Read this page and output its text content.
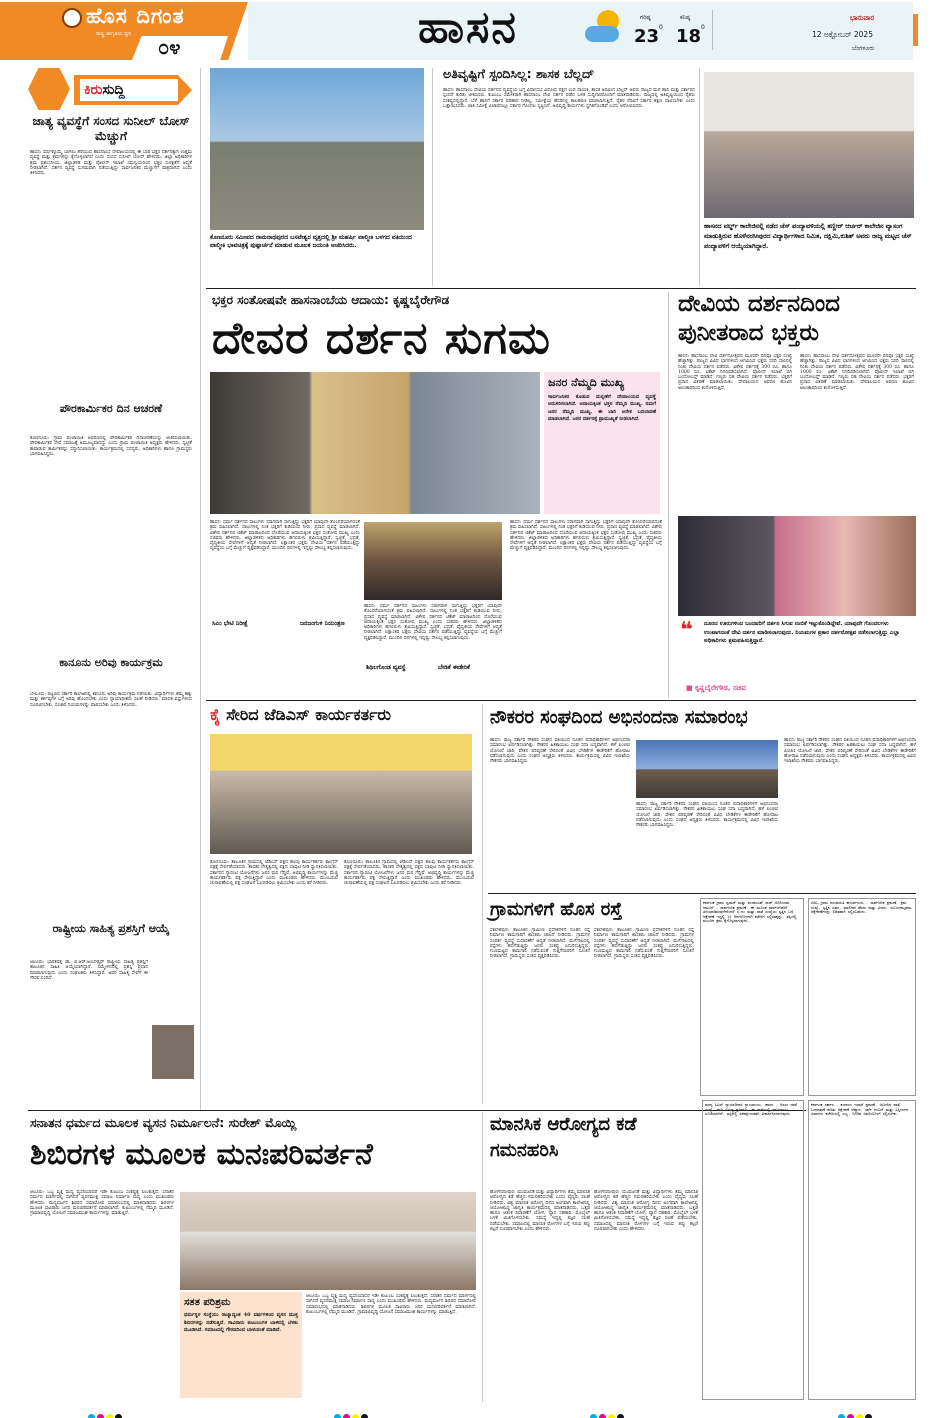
ಹೊಸ ದಿಗಂತ
ರಾಷ್ಟ್ರ ಜಾಗೃತಿಯ ಧ್ವನಿ
೦೪	ಹಾಸನ	ಗರಿಷ್ಠ
23 0
ಕನಿಷ್ಠ
18 0
ಭಾನುವಾರ
12 ಅಕ್ಟೋಬರ್ 2025
ಬೆಂಗಳೂರು
ಕಿರುಸುದ್ದಿ
ಜಾತ್ಯ ವ್ಯವಸ್ಥೆಗೆ ಸಂಸದ ಸುನೀಲ್ ಬೋಸ್ ಮೆಚ್ಚುಗೆ
ಹಾಸನ: ವರ್ಷಕ್ಕೊಮ್ಮೆ ಬಾಗಿಲು ತೆರೆಯುವ ಹಾಸನಾಂಬೆ ದೇವಾಲಯದಲ್ಲಿ ಈ ಬಾರಿ ಭಕ್ತರ ದರ್ಶನಕ್ಕಾಗಿ ಉತ್ತಮ ವ್ಯವಸ್ಥೆ ಮತ್ತು ಕ್ರಮಗಳನ್ನು ಕೈಗೊಳ್ಳಲಾಗಿದೆ ಎಂದು ಸಂಸದ ಸುನೀಲ್ ಬೋಸ್ ಹೇಳಿದರು. ಜಿಲ್ಲಾ ಅಧಿಕಾರಿಗಳ ಶ್ರಮ ಪ್ರಶಂಸನೀಯ. ಜಿಲ್ಲಾಡಳಿತ ಮತ್ತು ಪೊಲೀಸ್ ಇಲಾಖೆ ಸಮನ್ವಯದಿಂದ ಭಕ್ತರ ಸುರಕ್ಷತೆಗೆ ಆದ್ಯತೆ ನೀಡಲಾಗಿದೆ. ದರ್ಶನ ವ್ಯವಸ್ಥೆ ಸುಗಮವಾಗಿ ನಡೆಯುತ್ತಿದ್ದು ಸಾರ್ವಜನಿಕರ ಮೆಚ್ಚುಗೆಗೆ ಪಾತ್ರವಾಗಿದೆ ಎಂದು ತಿಳಿಸಿದರು.
ಪೌರಕಾರ್ಮಿಕರ ದಿನ ಆಚರಣೆ
ಕೊಣನೂರು: ಗ್ರಾಮ ಪಂಚಾಯಿತಿ ಆವರಣದಲ್ಲಿ ಪೌರಕಾರ್ಮಿಕರ ದಿನಾಚರಣೆಯನ್ನು ಆಚರಿಸಲಾಯಿತು. ಪೌರಕಾರ್ಮಿಕರ ಸೇವೆ ಸಮಾಜಕ್ಕೆ ಅಮೂಲ್ಯವಾದದ್ದು ಎಂದು ಗ್ರಾಮ ಪಂಚಾಯಿತಿ ಅಧ್ಯಕ್ಷರು ಹೇಳಿದರು. ಸ್ವಚ್ಛತೆ ಕಾಪಾಡುವ ಕಾರ್ಮಿಕರನ್ನು ಸನ್ಮಾನಿಸಲಾಯಿತು. ಕಾರ್ಯಕ್ರಮದಲ್ಲಿ ಸದಸ್ಯರು, ಅಧಿಕಾರಿಗಳು ಹಾಗೂ ಗ್ರಾಮಸ್ಥರು ಭಾಗವಹಿಸಿದ್ದರು.
ಕಾನೂನು ಅರಿವು ಕಾರ್ಯಕ್ರಮ
ಬೇಲೂರು: ಪಟ್ಟಣದ ಸರ್ಕಾರಿ ಕಾಲೇಜಿನಲ್ಲಿ ಕಾನೂನು ಅರಿವು ಕಾರ್ಯಕ್ರಮ ನಡೆಯಿತು. ವಿದ್ಯಾರ್ಥಿಗಳು ತಮ್ಮ ಹಕ್ಕು ಮತ್ತು ಕರ್ತವ್ಯಗಳ ಬಗ್ಗೆ ಅರಿವು ಹೊಂದಬೇಕು ಎಂದು ನ್ಯಾಯಾಧೀಶರು ಸಲಹೆ ನೀಡಿದರು. ಮಾದಕ ವಸ್ತುಗಳಿಂದ ದೂರವಿರಬೇಕು, ಸಂಚಾರ ನಿಯಮಗಳನ್ನು ಪಾಲಿಸಬೇಕು ಎಂದು ತಿಳಿಸಿದರು.
ರಾಷ್ಟ್ರೀಯ ಸಾಹಿತ್ಯ ಪ್ರಶಸ್ತಿಗೆ ಆಯ್ಕೆ
ಆಲೂರು: ಭಾರತರತ್ನ ಡಾ. ಬಿ.ಆರ್.ಅಂಬೇಡ್ಕರ್ ರಾಷ್ಟ್ರೀಯ ಸಾಹಿತ್ಯ ಪ್ರಶಸ್ತಿಗೆ ತಾಲೂಕಿನ ಸಾಹಿತಿ ಆಯ್ಕೆಯಾಗಿದ್ದಾರೆ. ಸಮ್ಮೇಳನದಲ್ಲಿ ಪ್ರಶಸ್ತಿ ಪ್ರದಾನ ಮಾಡಲಾಗುವುದು ಎಂದು ಸಂಘಟಕರು ತಿಳಿಸಿದ್ದಾರೆ. ಅವರ ಸಾಹಿತ್ಯ ಸೇವೆಗೆ ಈ ಗೌರವ ಸಂದಿದೆ.
ಕೊಣನೂರು ಸಮೀಪದ ರಾಮನಾಥಪುರದ ಬಸವೇಶ್ವರ ವೃತ್ತದಲ್ಲಿ ಶ್ರೀ ಮಹರ್ಷಿ ವಾಲ್ಮೀಕಿ ಬಳಗದ ವತಿಯಿಂದ ವಾಲ್ಮೀಕಿ ಭಾವಚಿತ್ರಕ್ಕೆ ಪುಷ್ಪಾರ್ಚನೆ ಮಾಡುವ ಮೂಲಕ ಜಯಂತಿ ಆಚರಿಸಿದರು.
ಅತಿವೃಷ್ಟಿಗೆ ಸ್ಪಂದಿಸಿಲ್ಲ: ಶಾಸಕ ಬೆಲ್ಲದ್
ಹಾಸನ: ಹಾಸನಾಂಬ ದೇವಿಯ ದರ್ಶನದ ವ್ಯವಸ್ಥೆಯ ಬಗ್ಗೆ ವಿಧಾನಸಭೆ ವಿರೋಧ ಪಕ್ಷದ ಉಪ ನಾಯಕ, ಶಾಸಕ ಅರವಿಂದ ಬೆಲ್ಲದ್ ಅವರು ರಾಜ್ಯದ ಮಳೆ ಹಾನಿ ಮತ್ತು ಸರ್ಕಾರದ ಸ್ಪಂದನೆ ಕುರಿತು ಟೀಕಿಸಿದರು. ಕುಟುಂಬ ಸಮೇತರಾಗಿ ಹಾಸನಾಂಬ ದೇವಿ ದರ್ಶನ ಪಡೆದ ಬಳಿಕ ಸುದ್ದಿಗಾರರೊಂದಿಗೆ ಮಾತನಾಡಿದರು. ರಾಜ್ಯದಲ್ಲಿ ಅತಿವೃಷ್ಟಿಯಿಂದ ರೈತರು ಸಂಕಷ್ಟದಲ್ಲಿದ್ದಾರೆ. ಬೆಳೆ ಹಾನಿಗೆ ಸರ್ಕಾರ ಪರಿಹಾರ ನೀಡಿಲ್ಲ. ಸಮೀಕ್ಷೆಯ ಹೆಸರಿನಲ್ಲಿ ಕಾಲಹರಣ ಮಾಡಲಾಗುತ್ತಿದೆ. ರೈತರ ನೆರವಿಗೆ ಸರ್ಕಾರ ತಕ್ಷಣ ಧಾವಿಸಬೇಕು ಎಂದು ಒತ್ತಾಯಿಸಿದರು. ಜಾತಿ ಸಮೀಕ್ಷೆ ವಿಚಾರದಲ್ಲೂ ಸರ್ಕಾರ ಗೊಂದಲ ಸೃಷ್ಟಿಸಿದೆ. ಅಭಿವೃದ್ಧಿ ಕಾರ್ಯಗಳು ಸ್ಥಗಿತಗೊಂಡಿವೆ ಎಂದು ಆರೋಪಿಸಿದರು.
ಹಾಸನದ ವರ್ಲ್ಡ್ ಕಾಲೇಜಿನಲ್ಲಿ ನಡೆದ ಚೆಸ್ ಪಂದ್ಯಾವಳಿಯಲ್ಲಿ ತಣ್ಣೀರ್ ಆರ್ಚರ್ ಕಾಲೇಜಿನ ವ್ಯಾಸಂಗ ಮಾಡುತ್ತಿರುವ ಹೊಳೆನರಸೀಪುರದ ವಿದ್ಯಾರ್ಥಿಗಳಾದ ನಿಮಿತ, ದಕ್ಷಿಮಿ,ಕುಶಿತ್ ಅವರು ರಾಜ್ಯ ಮಟ್ಟದ ಚೆಸ್ ಪಂದ್ಯಾವಳಿಗೆ ಆಯ್ಕೆಯಾಗಿದ್ದಾರೆ.
ಭಕ್ತರ ಸಂತೋಷವೇ ಹಾಸನಾಂಬೆಯ ಆದಾಯ: ಕೃಷ್ಣಬೈರೇಗೌಡ
ದೇವರ ದರ್ಶನ ಸುಗಮ
ಜನರ ನೆಮ್ಮದಿ ಮುಖ್ಯ
ಸಾರ್ವಜನಿಕರ ಕೊಡುವ ಮನ್ನಣೆಗೆ ದೇವಾಲಯದ ವ್ಯವಸ್ಥೆ ಅನುಸರಿಸಲಾಗಿದೆ. ಆದಾಯಕ್ಕಿಂತ ಭಕ್ತರ ನೆಮ್ಮದಿ ಮುಖ್ಯ. ನಮಗೆ ಜನರ ನೆಮ್ಮದಿ ಮುಖ್ಯ. ಈ ಬಾರಿ ಅನೇಕ ಬದಲಾವಣೆ ಮಾಡಲಾಗಿದೆ. ಜನರ ದರ್ಶನಕ್ಕೆ ಪ್ರಾಮುಖ್ಯತೆ ನೀಡಲಾಗಿದೆ.
ಹಾಸನ: ಧರ್ಮ ದರ್ಶನದ ಸಾಲುಗಳು ಸರಾಗವಾಗಿ ಸಾಗುತ್ತಿದ್ದು ಭಕ್ತರಿಗೆ ಯಾವುದೇ ತೊಂದರೆಯಾಗದಂತೆ ಕ್ರಮ ವಹಿಸಲಾಗಿದೆ. ಸಾಲುಗಳಲ್ಲಿ ನಿಂತ ಭಕ್ತರಿಗೆ ಕುಡಿಯುವ ನೀರು, ಪ್ರಸಾದ ವ್ಯವಸ್ಥೆ ಮಾಡಲಾಗಿದೆ. ವಿಶೇಷ ದರ್ಶನದ ಟಿಕೆಟ್ ಮಾರಾಟದಿಂದ ದೊರೆಯುವ ಆದಾಯಕ್ಕಿಂತ ಭಕ್ತರ ಸಂತೋಷ ಮುಖ್ಯ ಎಂದು ಸಚಿವರು ಹೇಳಿದರು. ಜಿಲ್ಲಾಡಳಿತದ ಅಧಿಕಾರಿಗಳು ಹಗಲಿರುಳು ಶ್ರಮಿಸುತ್ತಿದ್ದಾರೆ. ಸ್ವಚ್ಛತೆ, ಭದ್ರತೆ, ವೈದ್ಯಕೀಯ ಸೇವೆಗಳಿಗೆ ಆದ್ಯತೆ ನೀಡಲಾಗಿದೆ. ಲಕ್ಷಾಂತರ ಭಕ್ತರು ದೇವಿಯ ದರ್ಶನ ಪಡೆಯುತ್ತಿದ್ದು ವ್ಯವಸ್ಥೆಯ ಬಗ್ಗೆ ಮೆಚ್ಚುಗೆ ವ್ಯಕ್ತಪಡಿಸಿದ್ದಾರೆ. ಮುಂದಿನ ದಿನಗಳಲ್ಲಿ ಇನ್ನಷ್ಟು ಸೌಲಭ್ಯ ಕಲ್ಪಿಸಲಾಗುವುದು.
ಹಾಸನ: ಧರ್ಮ ದರ್ಶನದ ಸಾಲುಗಳು ಸರಾಗವಾಗಿ ಸಾಗುತ್ತಿದ್ದು ಭಕ್ತರಿಗೆ ಯಾವುದೇ ತೊಂದರೆಯಾಗದಂತೆ ಕ್ರಮ ವಹಿಸಲಾಗಿದೆ. ಸಾಲುಗಳಲ್ಲಿ ನಿಂತ ಭಕ್ತರಿಗೆ ಕುಡಿಯುವ ನೀರು, ಪ್ರಸಾದ ವ್ಯವಸ್ಥೆ ಮಾಡಲಾಗಿದೆ. ವಿಶೇಷ ದರ್ಶನದ ಟಿಕೆಟ್ ಮಾರಾಟದಿಂದ ದೊರೆಯುವ ಆದಾಯಕ್ಕಿಂತ ಭಕ್ತರ ಸಂತೋಷ ಮುಖ್ಯ ಎಂದು ಸಚಿವರು ಹೇಳಿದರು. ಜಿಲ್ಲಾಡಳಿತದ ಅಧಿಕಾರಿಗಳು ಹಗಲಿರುಳು ಶ್ರಮಿಸುತ್ತಿದ್ದಾರೆ. ಸ್ವಚ್ಛತೆ, ಭದ್ರತೆ, ವೈದ್ಯಕೀಯ ಸೇವೆಗಳಿಗೆ ಆದ್ಯತೆ ನೀಡಲಾಗಿದೆ. ಲಕ್ಷಾಂತರ ಭಕ್ತರು ದೇವಿಯ ದರ್ಶನ ಪಡೆಯುತ್ತಿದ್ದು ವ್ಯವಸ್ಥೆಯ ಬಗ್ಗೆ ಮೆಚ್ಚುಗೆ ವ್ಯಕ್ತಪಡಿಸಿದ್ದಾರೆ. ಮುಂದಿನ ದಿನಗಳಲ್ಲಿ ಇನ್ನಷ್ಟು ಸೌಲಭ್ಯ ಕಲ್ಪಿಸಲಾಗುವುದು.
ಹಾಸನ: ಧರ್ಮ ದರ್ಶನದ ಸಾಲುಗಳು ಸರಾಗವಾಗಿ ಸಾಗುತ್ತಿದ್ದು ಭಕ್ತರಿಗೆ ಯಾವುದೇ ತೊಂದರೆಯಾಗದಂತೆ ಕ್ರಮ ವಹಿಸಲಾಗಿದೆ. ಸಾಲುಗಳಲ್ಲಿ ನಿಂತ ಭಕ್ತರಿಗೆ ಕುಡಿಯುವ ನೀರು, ಪ್ರಸಾದ ವ್ಯವಸ್ಥೆ ಮಾಡಲಾಗಿದೆ. ವಿಶೇಷ ದರ್ಶನದ ಟಿಕೆಟ್ ಮಾರಾಟದಿಂದ ದೊರೆಯುವ ಆದಾಯಕ್ಕಿಂತ ಭಕ್ತರ ಸಂತೋಷ ಮುಖ್ಯ ಎಂದು ಸಚಿವರು ಹೇಳಿದರು. ಜಿಲ್ಲಾಡಳಿತದ ಅಧಿಕಾರಿಗಳು ಹಗಲಿರುಳು ಶ್ರಮಿಸುತ್ತಿದ್ದಾರೆ. ಸ್ವಚ್ಛತೆ, ಭದ್ರತೆ, ವೈದ್ಯಕೀಯ ಸೇವೆಗಳಿಗೆ ಆದ್ಯತೆ ನೀಡಲಾಗಿದೆ. ಲಕ್ಷಾಂತರ ಭಕ್ತರು ದೇವಿಯ ದರ್ಶನ ಪಡೆಯುತ್ತಿದ್ದು ವ್ಯವಸ್ಥೆಯ ಬಗ್ಗೆ ಮೆಚ್ಚುಗೆ ವ್ಯಕ್ತಪಡಿಸಿದ್ದಾರೆ. ಮುಂದಿನ ದಿನಗಳಲ್ಲಿ ಇನ್ನಷ್ಟು ಸೌಲಭ್ಯ ಕಲ್ಪಿಸಲಾಗುವುದು.
ಸಿಎಂ ಭೇಟಿ ನಿರೀಕ್ಷೆ	ಜನಜಂಗುಳಿ ನಿಯಂತ್ರಣ
ಶಿಥಿಲಗೊಂಡ ವ್ಯವಸ್ಥೆ	ಬೇಡಿಕೆ ಈಡೇರಿಕೆ
ದೇವಿಯ ದರ್ಶನದಿಂದ ಪುನೀತರಾದ ಭಕ್ತರು
ಹಾಸನ: ಹಾಸನಾಂಬ ದೇವಿ ದರ್ಶನೋತ್ಸವದ ಮೂರನೇ ದಿನವೂ ಭಕ್ತರ ಸಂಖ್ಯೆ ಹೆಚ್ಚಾಗಿತ್ತು. ರಾಜ್ಯದ ವಿವಿಧ ಭಾಗಗಳಿಂದ ಆಗಮಿಸಿದ ಭಕ್ತರು ಸರದಿ ಸಾಲಿನಲ್ಲಿ ನಿಂತು ದೇವಿಯ ದರ್ಶನ ಪಡೆದರು. ವಿಶೇಷ ದರ್ಶನಕ್ಕೆ 300 ರೂ. ಹಾಗೂ 1000 ರೂ. ಟಿಕೆಟ್ ನಿಗದಿಪಡಿಸಲಾಗಿದೆ. ಪೊಲೀಸ್ ಇಲಾಖೆ ಬಿಗಿ ಬಂದೋಬಸ್ತ್ ಮಾಡಿದೆ. ಗಣ್ಯರು ಸಹ ದೇವಿಯ ದರ್ಶನ ಪಡೆದರು. ಭಕ್ತರಿಗೆ ಪ್ರಸಾದ ವಿತರಣೆ ಮಾಡಲಾಯಿತು. ದೇವಾಲಯದ ಆವರಣ ಹೂವಿನ ಅಲಂಕಾರದಿಂದ ಕಂಗೊಳಿಸುತ್ತಿದೆ.
ಹಾಸನ: ಹಾಸನಾಂಬ ದೇವಿ ದರ್ಶನೋತ್ಸವದ ಮೂರನೇ ದಿನವೂ ಭಕ್ತರ ಸಂಖ್ಯೆ ಹೆಚ್ಚಾಗಿತ್ತು. ರಾಜ್ಯದ ವಿವಿಧ ಭಾಗಗಳಿಂದ ಆಗಮಿಸಿದ ಭಕ್ತರು ಸರದಿ ಸಾಲಿನಲ್ಲಿ ನಿಂತು ದೇವಿಯ ದರ್ಶನ ಪಡೆದರು. ವಿಶೇಷ ದರ್ಶನಕ್ಕೆ 300 ರೂ. ಹಾಗೂ 1000 ರೂ. ಟಿಕೆಟ್ ನಿಗದಿಪಡಿಸಲಾಗಿದೆ. ಪೊಲೀಸ್ ಇಲಾಖೆ ಬಿಗಿ ಬಂದೋಬಸ್ತ್ ಮಾಡಿದೆ. ಗಣ್ಯರು ಸಹ ದೇವಿಯ ದರ್ಶನ ಪಡೆದರು. ಭಕ್ತರಿಗೆ ಪ್ರಸಾದ ವಿತರಣೆ ಮಾಡಲಾಯಿತು. ದೇವಾಲಯದ ಆವರಣ ಹೂವಿನ ಅಲಂಕಾರದಿಂದ ಕಂಗೊಳಿಸುತ್ತಿದೆ.
❝ ದೂರದ ಊರುಗಳಿಂದ ಬಂದವರಿಗೆ ದರ್ಶನ ಸಿಗುವ ನಂಬಿಕೆ ಇಟ್ಟುಕೊಂಡಿದ್ದೇವೆ. ಯಾವುದೇ ಗೊಂದಲಗಳು ಉಂಟಾಗದಂತೆ ದೇವಿ ದರ್ಶನ ಮಾಡಿಸಲಾಗುವುದು. ನಿಯಮಗಳ ಪ್ರಕಾರ ದರ್ಶನೋತ್ಸವ ನಡೆಸಲಾಗುತ್ತಿದ್ದು ಎಲ್ಲಾ ಅಧಿಕಾರಿಗಳು ಶ್ರಮವಹಿಸುತ್ತಿದ್ದಾರೆ.
■ ಕೃಷ್ಣಬೈರೇಗೌಡ, ಸಚಿವ
ಕೈ ಸೇರಿದ ಜೆಡಿಎಸ್ ಕಾರ್ಯಕರ್ತರು
ಕೊಣನೂರು: ತಾಲೂಕಿನ ಗ್ರಾಮದಲ್ಲಿ ಜೆಡಿಎಸ್ ಪಕ್ಷದ ಹಲವು ಕಾರ್ಯಕರ್ತರು ಕಾಂಗ್ರೆಸ್ ಪಕ್ಷಕ್ಕೆ ಸೇರ್ಪಡೆಯಾದರು. ಶಾಸಕರ ನೇತೃತ್ವದಲ್ಲಿ ಪಕ್ಷದ ಬಾವುಟ ನೀಡಿ ಸ್ವಾಗತಿಸಲಾಯಿತು. ಸರ್ಕಾರದ ಗ್ಯಾರಂಟಿ ಯೋಜನೆಗಳು ಜನರ ಮನ ಗೆದ್ದಿವೆ. ಅಭಿವೃದ್ಧಿ ಕಾರ್ಯಗಳನ್ನು ಮೆಚ್ಚಿ ಕಾರ್ಯಕರ್ತರು ಪಕ್ಷ ಸೇರುತ್ತಿದ್ದಾರೆ ಎಂದು ಮುಖಂಡರು ಹೇಳಿದರು. ಮುಂಬರುವ ಚುನಾವಣೆಯಲ್ಲಿ ಪಕ್ಷ ಸಂಘಟನೆ ಬಲಪಡಿಸಲು ಶ್ರಮಿಸಬೇಕು ಎಂದು ಕರೆ ನೀಡಿದರು.
ಕೊಣನೂರು: ತಾಲೂಕಿನ ಗ್ರಾಮದಲ್ಲಿ ಜೆಡಿಎಸ್ ಪಕ್ಷದ ಹಲವು ಕಾರ್ಯಕರ್ತರು ಕಾಂಗ್ರೆಸ್ ಪಕ್ಷಕ್ಕೆ ಸೇರ್ಪಡೆಯಾದರು. ಶಾಸಕರ ನೇತೃತ್ವದಲ್ಲಿ ಪಕ್ಷದ ಬಾವುಟ ನೀಡಿ ಸ್ವಾಗತಿಸಲಾಯಿತು. ಸರ್ಕಾರದ ಗ್ಯಾರಂಟಿ ಯೋಜನೆಗಳು ಜನರ ಮನ ಗೆದ್ದಿವೆ. ಅಭಿವೃದ್ಧಿ ಕಾರ್ಯಗಳನ್ನು ಮೆಚ್ಚಿ ಕಾರ್ಯಕರ್ತರು ಪಕ್ಷ ಸೇರುತ್ತಿದ್ದಾರೆ ಎಂದು ಮುಖಂಡರು ಹೇಳಿದರು. ಮುಂಬರುವ ಚುನಾವಣೆಯಲ್ಲಿ ಪಕ್ಷ ಸಂಘಟನೆ ಬಲಪಡಿಸಲು ಶ್ರಮಿಸಬೇಕು ಎಂದು ಕರೆ ನೀಡಿದರು.
ನೌಕರರ ಸಂಘದಿಂದ ಅಭಿನಂದನಾ ಸಮಾರಂಭ
ಹಾಸನ: ರಾಜ್ಯ ಸರ್ಕಾರಿ ನೌಕರರ ಸಂಘದ ವತಿಯಿಂದ ನೂತನ ಪದಾಧಿಕಾರಿಗಳಿಗೆ ಅಭಿನಂದನಾ ಸಮಾರಂಭ ಏರ್ಪಡಿಸಲಾಗಿತ್ತು. ನೌಕರರ ಹಿತಕಾಯಲು ಸಂಘ ಸದಾ ಬದ್ಧವಾಗಿದೆ. ಹಳೆ ಪಿಂಚಣಿ ಯೋಜನೆ ಜಾರಿ, ವೇತನ ಪರಿಷ್ಕರಣೆ ಸೇರಿದಂತೆ ವಿವಿಧ ಬೇಡಿಕೆಗಳ ಈಡೇರಿಕೆಗೆ ಹೋರಾಟ ನಡೆಸಲಾಗುವುದು ಎಂದು ಸಂಘದ ಅಧ್ಯಕ್ಷರು ತಿಳಿಸಿದರು. ಕಾರ್ಯಕ್ರಮದಲ್ಲಿ ವಿವಿಧ ಇಲಾಖೆಯ ನೌಕರರು ಭಾಗವಹಿಸಿದ್ದರು.
ಹಾಸನ: ರಾಜ್ಯ ಸರ್ಕಾರಿ ನೌಕರರ ಸಂಘದ ವತಿಯಿಂದ ನೂತನ ಪದಾಧಿಕಾರಿಗಳಿಗೆ ಅಭಿನಂದನಾ ಸಮಾರಂಭ ಏರ್ಪಡಿಸಲಾಗಿತ್ತು. ನೌಕರರ ಹಿತಕಾಯಲು ಸಂಘ ಸದಾ ಬದ್ಧವಾಗಿದೆ. ಹಳೆ ಪಿಂಚಣಿ ಯೋಜನೆ ಜಾರಿ, ವೇತನ ಪರಿಷ್ಕರಣೆ ಸೇರಿದಂತೆ ವಿವಿಧ ಬೇಡಿಕೆಗಳ ಈಡೇರಿಕೆಗೆ ಹೋರಾಟ ನಡೆಸಲಾಗುವುದು ಎಂದು ಸಂಘದ ಅಧ್ಯಕ್ಷರು ತಿಳಿಸಿದರು. ಕಾರ್ಯಕ್ರಮದಲ್ಲಿ ವಿವಿಧ ಇಲಾಖೆಯ ನೌಕರರು ಭಾಗವಹಿಸಿದ್ದರು.
ಹಾಸನ: ರಾಜ್ಯ ಸರ್ಕಾರಿ ನೌಕರರ ಸಂಘದ ವತಿಯಿಂದ ನೂತನ ಪದಾಧಿಕಾರಿಗಳಿಗೆ ಅಭಿನಂದನಾ ಸಮಾರಂಭ ಏರ್ಪಡಿಸಲಾಗಿತ್ತು. ನೌಕರರ ಹಿತಕಾಯಲು ಸಂಘ ಸದಾ ಬದ್ಧವಾಗಿದೆ. ಹಳೆ ಪಿಂಚಣಿ ಯೋಜನೆ ಜಾರಿ, ವೇತನ ಪರಿಷ್ಕರಣೆ ಸೇರಿದಂತೆ ವಿವಿಧ ಬೇಡಿಕೆಗಳ ಈಡೇರಿಕೆಗೆ ಹೋರಾಟ ನಡೆಸಲಾಗುವುದು ಎಂದು ಸಂಘದ ಅಧ್ಯಕ್ಷರು ತಿಳಿಸಿದರು. ಕಾರ್ಯಕ್ರಮದಲ್ಲಿ ವಿವಿಧ ಇಲಾಖೆಯ ನೌಕರರು ಭಾಗವಹಿಸಿದ್ದರು.
ಗ್ರಾಮಗಳಿಗೆ ಹೊಸ ರಸ್ತೆ
ಸಕಲೇಶಪುರ: ತಾಲೂಕಿನ ಗ್ರಾಮೀಣ ಪ್ರದೇಶಗಳಿಗೆ ನೂತನ ರಸ್ತೆ ನಿರ್ಮಾಣ ಕಾಮಗಾರಿಗೆ ಶಾಸಕರು ಚಾಲನೆ ನೀಡಿದರು. ಗ್ರಾಮಗಳ ಸಂಪರ್ಕ ವ್ಯವಸ್ಥೆ ಸುಧಾರಣೆಗೆ ಆದ್ಯತೆ ನೀಡಲಾಗಿದೆ. ಮಳೆಗಾಲದಲ್ಲಿ ರಸ್ತೆಗಳು ಹದಗೆಡುತ್ತಿದ್ದು ಜನರು ಸಂಕಷ್ಟ ಎದುರಿಸುತ್ತಿದ್ದರು. ಗುಣಮಟ್ಟದ ಕಾಮಗಾರಿ ನಡೆಸುವಂತೆ ಗುತ್ತಿಗೆದಾರರಿಗೆ ಸೂಚನೆ ನೀಡಲಾಗಿದೆ. ಗ್ರಾಮಸ್ಥರು ಸಂತಸ ವ್ಯಕ್ತಪಡಿಸಿದರು.
ಸಕಲೇಶಪುರ: ತಾಲೂಕಿನ ಗ್ರಾಮೀಣ ಪ್ರದೇಶಗಳಿಗೆ ನೂತನ ರಸ್ತೆ ನಿರ್ಮಾಣ ಕಾಮಗಾರಿಗೆ ಶಾಸಕರು ಚಾಲನೆ ನೀಡಿದರು. ಗ್ರಾಮಗಳ ಸಂಪರ್ಕ ವ್ಯವಸ್ಥೆ ಸುಧಾರಣೆಗೆ ಆದ್ಯತೆ ನೀಡಲಾಗಿದೆ. ಮಳೆಗಾಲದಲ್ಲಿ ರಸ್ತೆಗಳು ಹದಗೆಡುತ್ತಿದ್ದು ಜನರು ಸಂಕಷ್ಟ ಎದುರಿಸುತ್ತಿದ್ದರು. ಗುಣಮಟ್ಟದ ಕಾಮಗಾರಿ ನಡೆಸುವಂತೆ ಗುತ್ತಿಗೆದಾರರಿಗೆ ಸೂಚನೆ ನೀಡಲಾಗಿದೆ. ಗ್ರಾಮಸ್ಥರು ಸಂತಸ ವ್ಯಕ್ತಪಡಿಸಿದರು.
ಕರ್ನಾಟಕ ಗ್ರಾಮ ಸ್ವರಾಜ್ ಮತ್ತು ಪಂಚಾಯತ್ ರಾಜ್ ಅಧಿನಿಯಮ ನಮೂನೆ - ಸಾರ್ವಜನಿಕ ಪ್ರಕಟಣೆ. ಈ ಮೂಲಕ ಸಾರ್ವಜನಿಕರಿಗೆ ತಿಳಿಯಪಡಿಸುವುದೇನೆಂದರೆ ಸ.ನಂ ಮತ್ತು ಖಾತೆ ಸಂಖ್ಯೆಯ ಸ್ವತ್ತಿನ ಬಗ್ಗೆ ಆಕ್ಷೇಪಣೆ ಇದ್ದಲ್ಲಿ 15 ದಿನಗಳೊಳಗಾಗಿ ಕಚೇರಿಗೆ ಸಲ್ಲಿಸತಕ್ಕದ್ದು. ತಪ್ಪಿದಲ್ಲಿ ಮುಂದಿನ ಕ್ರಮ ಕೈಗೊಳ್ಳಲಾಗುವುದು.
ಪಿಡಿಒ ಗ್ರಾಮ ಪಂಚಾಯಿತಿ ಕಾರ್ಯಾಲಯ - ಸಾರ್ವಜನಿಕ ಪ್ರಕಟಣೆ. ಕ್ರಮ ಸಂಖ್ಯೆ, ಸ್ವತ್ತಿನ ವಿವರ, ಮಾಲೀಕರ ಹೆಸರು ಮತ್ತು ವಿಳಾಸ. ಸಂಬಂಧಪಟ್ಟವರು ಆಕ್ಷೇಪಣೆಗಳನ್ನು ಲಿಖಿತವಾಗಿ ಸಲ್ಲಿಸಬಹುದು.
ಸನಾತನ ಧರ್ಮದ ಮೂಲಕ ವ್ಯಸನ ನಿರ್ಮೂಲನೆ: ಸುರೇಶ್ ಮೊಯ್ಲಿ
ಶಿಬಿರಗಳ ಮೂಲಕ ಮನಃಪರಿವರ್ತನೆ
ಆಲೂರು: ಒಬ್ಬ ವ್ಯಕ್ತಿ ಮದ್ಯ ವ್ಯಸನಿಯಾದರೆ ಇಡೀ ಕುಟುಂಬ ಸಂಕಷ್ಟಕ್ಕೆ ಸಿಲುಕುತ್ತದೆ. ಸನಾತನ ಧರ್ಮದ ಮಾರ್ಗದಲ್ಲಿ ಸಾಗಿದರೆ ವ್ಯಸನಮುಕ್ತ ಸಮಾಜ ನಿರ್ಮಾಣ ಸಾಧ್ಯ ಎಂದು ಮುಖಂಡರು ಹೇಳಿದರು. ಮದ್ಯವರ್ಜನ ಶಿಬಿರದ ಸಮಾರೋಪ ಸಮಾರಂಭದಲ್ಲಿ ಮಾತನಾಡಿದರು. ಶಿಬಿರಗಳ ಮೂಲಕ ಸಾವಿರಾರು ಜನರ ಮನಃಪರಿವರ್ತನೆ ಮಾಡಲಾಗಿದೆ. ಕುಟುಂಬಗಳಲ್ಲಿ ನೆಮ್ಮದಿ ಮೂಡಿದೆ. ಗ್ರಾಮಾಭಿವೃದ್ಧಿ ಯೋಜನೆ ಸಮಾಜಮುಖಿ ಕಾರ್ಯಗಳನ್ನು ಮಾಡುತ್ತಿದೆ.
ಸತತ ಪರಿಶ್ರಮ
ಧರ್ಮಸ್ಥಳ ಸಂಸ್ಥೆಯು ರಾಜ್ಯಾದ್ಯಂತ 40 ವರ್ಷಗಳಿಂದ ವ್ಯಸನ ಮುಕ್ತ ಶಿಬಿರಗಳನ್ನು ನಡೆಸುತ್ತಿದೆ. ಸಾವಿರಾರು ಕುಟುಂಬಗಳ ಬಾಳಿನಲ್ಲಿ ಬೆಳಕು ಮೂಡಿಸಿದೆ. ಸಮಾಜದಲ್ಲಿ ಗೌರವದಿಂದ ಬಾಳುವಂತೆ ಮಾಡಿದೆ.
ಆಲೂರು: ಒಬ್ಬ ವ್ಯಕ್ತಿ ಮದ್ಯ ವ್ಯಸನಿಯಾದರೆ ಇಡೀ ಕುಟುಂಬ ಸಂಕಷ್ಟಕ್ಕೆ ಸಿಲುಕುತ್ತದೆ. ಸನಾತನ ಧರ್ಮದ ಮಾರ್ಗದಲ್ಲಿ ಸಾಗಿದರೆ ವ್ಯಸನಮುಕ್ತ ಸಮಾಜ ನಿರ್ಮಾಣ ಸಾಧ್ಯ ಎಂದು ಮುಖಂಡರು ಹೇಳಿದರು. ಮದ್ಯವರ್ಜನ ಶಿಬಿರದ ಸಮಾರೋಪ ಸಮಾರಂಭದಲ್ಲಿ ಮಾತನಾಡಿದರು. ಶಿಬಿರಗಳ ಮೂಲಕ ಸಾವಿರಾರು ಜನರ ಮನಃಪರಿವರ್ತನೆ ಮಾಡಲಾಗಿದೆ. ಕುಟುಂಬಗಳಲ್ಲಿ ನೆಮ್ಮದಿ ಮೂಡಿದೆ. ಗ್ರಾಮಾಭಿವೃದ್ಧಿ ಯೋಜನೆ ಸಮಾಜಮುಖಿ ಕಾರ್ಯಗಳನ್ನು ಮಾಡುತ್ತಿದೆ.
ಮಾನಸಿಕ ಆರೋಗ್ಯದ ಕಡೆ ಗಮನಹರಿಸಿ
ಹೊಳೆನರಸೀಪುರ: ಯುವಜನತೆ ಮತ್ತು ವಿದ್ಯಾರ್ಥಿಗಳು ತಮ್ಮ ಮಾನಸಿಕ ಆರೋಗ್ಯದ ಕಡೆ ಹೆಚ್ಚಿನ ಗಮನಹರಿಸಬೇಕು ಎಂದು ವೈದ್ಯರು ಸಲಹೆ ನೀಡಿದರು. ವಿಶ್ವ ಮಾನಸಿಕ ಆರೋಗ್ಯ ದಿನದ ಅಂಗವಾಗಿ ಕಾಲೇಜಿನಲ್ಲಿ ಆಯೋಜಿಸಿದ್ದ ಜಾಗೃತಿ ಕಾರ್ಯಕ್ರಮದಲ್ಲಿ ಮಾತನಾಡಿದರು. ಒತ್ತಡ ಹಾಗೂ ಆತಂಕ ನಿವಾರಣೆಗೆ ಯೋಗ, ಧ್ಯಾನ ಸಹಕಾರಿ. ಮೊಬೈಲ್ ಬಳಕೆ ಮಿತಿಗೊಳಿಸಬೇಕು. ಸಮಸ್ಯೆ ಇದ್ದಲ್ಲಿ ತಜ್ಞರ ಸಲಹೆ ಪಡೆಯಬೇಕು. ಸಮಾಜದಲ್ಲಿ ಮಾನಸಿಕ ರೋಗಗಳ ಬಗ್ಗೆ ಇರುವ ತಪ್ಪು ಕಲ್ಪನೆ ದೂರವಾಗಬೇಕು ಎಂದು ಹೇಳಿದರು.
ಹೊಳೆನರಸೀಪುರ: ಯುವಜನತೆ ಮತ್ತು ವಿದ್ಯಾರ್ಥಿಗಳು ತಮ್ಮ ಮಾನಸಿಕ ಆರೋಗ್ಯದ ಕಡೆ ಹೆಚ್ಚಿನ ಗಮನಹರಿಸಬೇಕು ಎಂದು ವೈದ್ಯರು ಸಲಹೆ ನೀಡಿದರು. ವಿಶ್ವ ಮಾನಸಿಕ ಆರೋಗ್ಯ ದಿನದ ಅಂಗವಾಗಿ ಕಾಲೇಜಿನಲ್ಲಿ ಆಯೋಜಿಸಿದ್ದ ಜಾಗೃತಿ ಕಾರ್ಯಕ್ರಮದಲ್ಲಿ ಮಾತನಾಡಿದರು. ಒತ್ತಡ ಹಾಗೂ ಆತಂಕ ನಿವಾರಣೆಗೆ ಯೋಗ, ಧ್ಯಾನ ಸಹಕಾರಿ. ಮೊಬೈಲ್ ಬಳಕೆ ಮಿತಿಗೊಳಿಸಬೇಕು. ಸಮಸ್ಯೆ ಇದ್ದಲ್ಲಿ ತಜ್ಞರ ಸಲಹೆ ಪಡೆಯಬೇಕು. ಸಮಾಜದಲ್ಲಿ ಮಾನಸಿಕ ರೋಗಗಳ ಬಗ್ಗೆ ಇರುವ ತಪ್ಪು ಕಲ್ಪನೆ ದೂರವಾಗಬೇಕು ಎಂದು ಹೇಳಿದರು.
ಮಾನ್ಯ ಸಿವಿಲ್ ನ್ಯಾಯಾಧೀಶರ ನ್ಯಾಯಾಲಯ, ಹಾಸನ - ಅಸಲು ದಾವೆ ಸಂಖ್ಯೆ. ವಾದಿ ವಿರುದ್ಧ ಪ್ರತಿವಾದಿ. ಈ ದಾವೆಯಲ್ಲಿ ಹಾಜರಾಗಲು ಸೂಚಿಸಲಾಗಿದೆ. ತಪ್ಪಿದಲ್ಲಿ ಏಕಪಕ್ಷೀಯವಾಗಿ ತೀರ್ಮಾನಿಸಲಾಗುವುದು.
ಕರ್ನಾಟಕ ಸರ್ಕಾರ - ಕಂದಾಯ ಇಲಾಖೆ ಪ್ರಕಟಣೆ. ಜಮೀನಿನ ಖಾತೆ ಬದಲಾವಣೆ ಕುರಿತು ಆಕ್ಷೇಪಣೆ ಆಹ್ವಾನ. ಸರ್ವೆ ನಂಬರ್ ಮತ್ತು ವಿಸ್ತೀರ್ಣದ ವಿವರಗಳು ಕಚೇರಿಯಲ್ಲಿ ಲಭ್ಯ. ನಿಗದಿತ ಅವಧಿಯೊಳಗೆ ಸಲ್ಲಿಸಬೇಕು.
